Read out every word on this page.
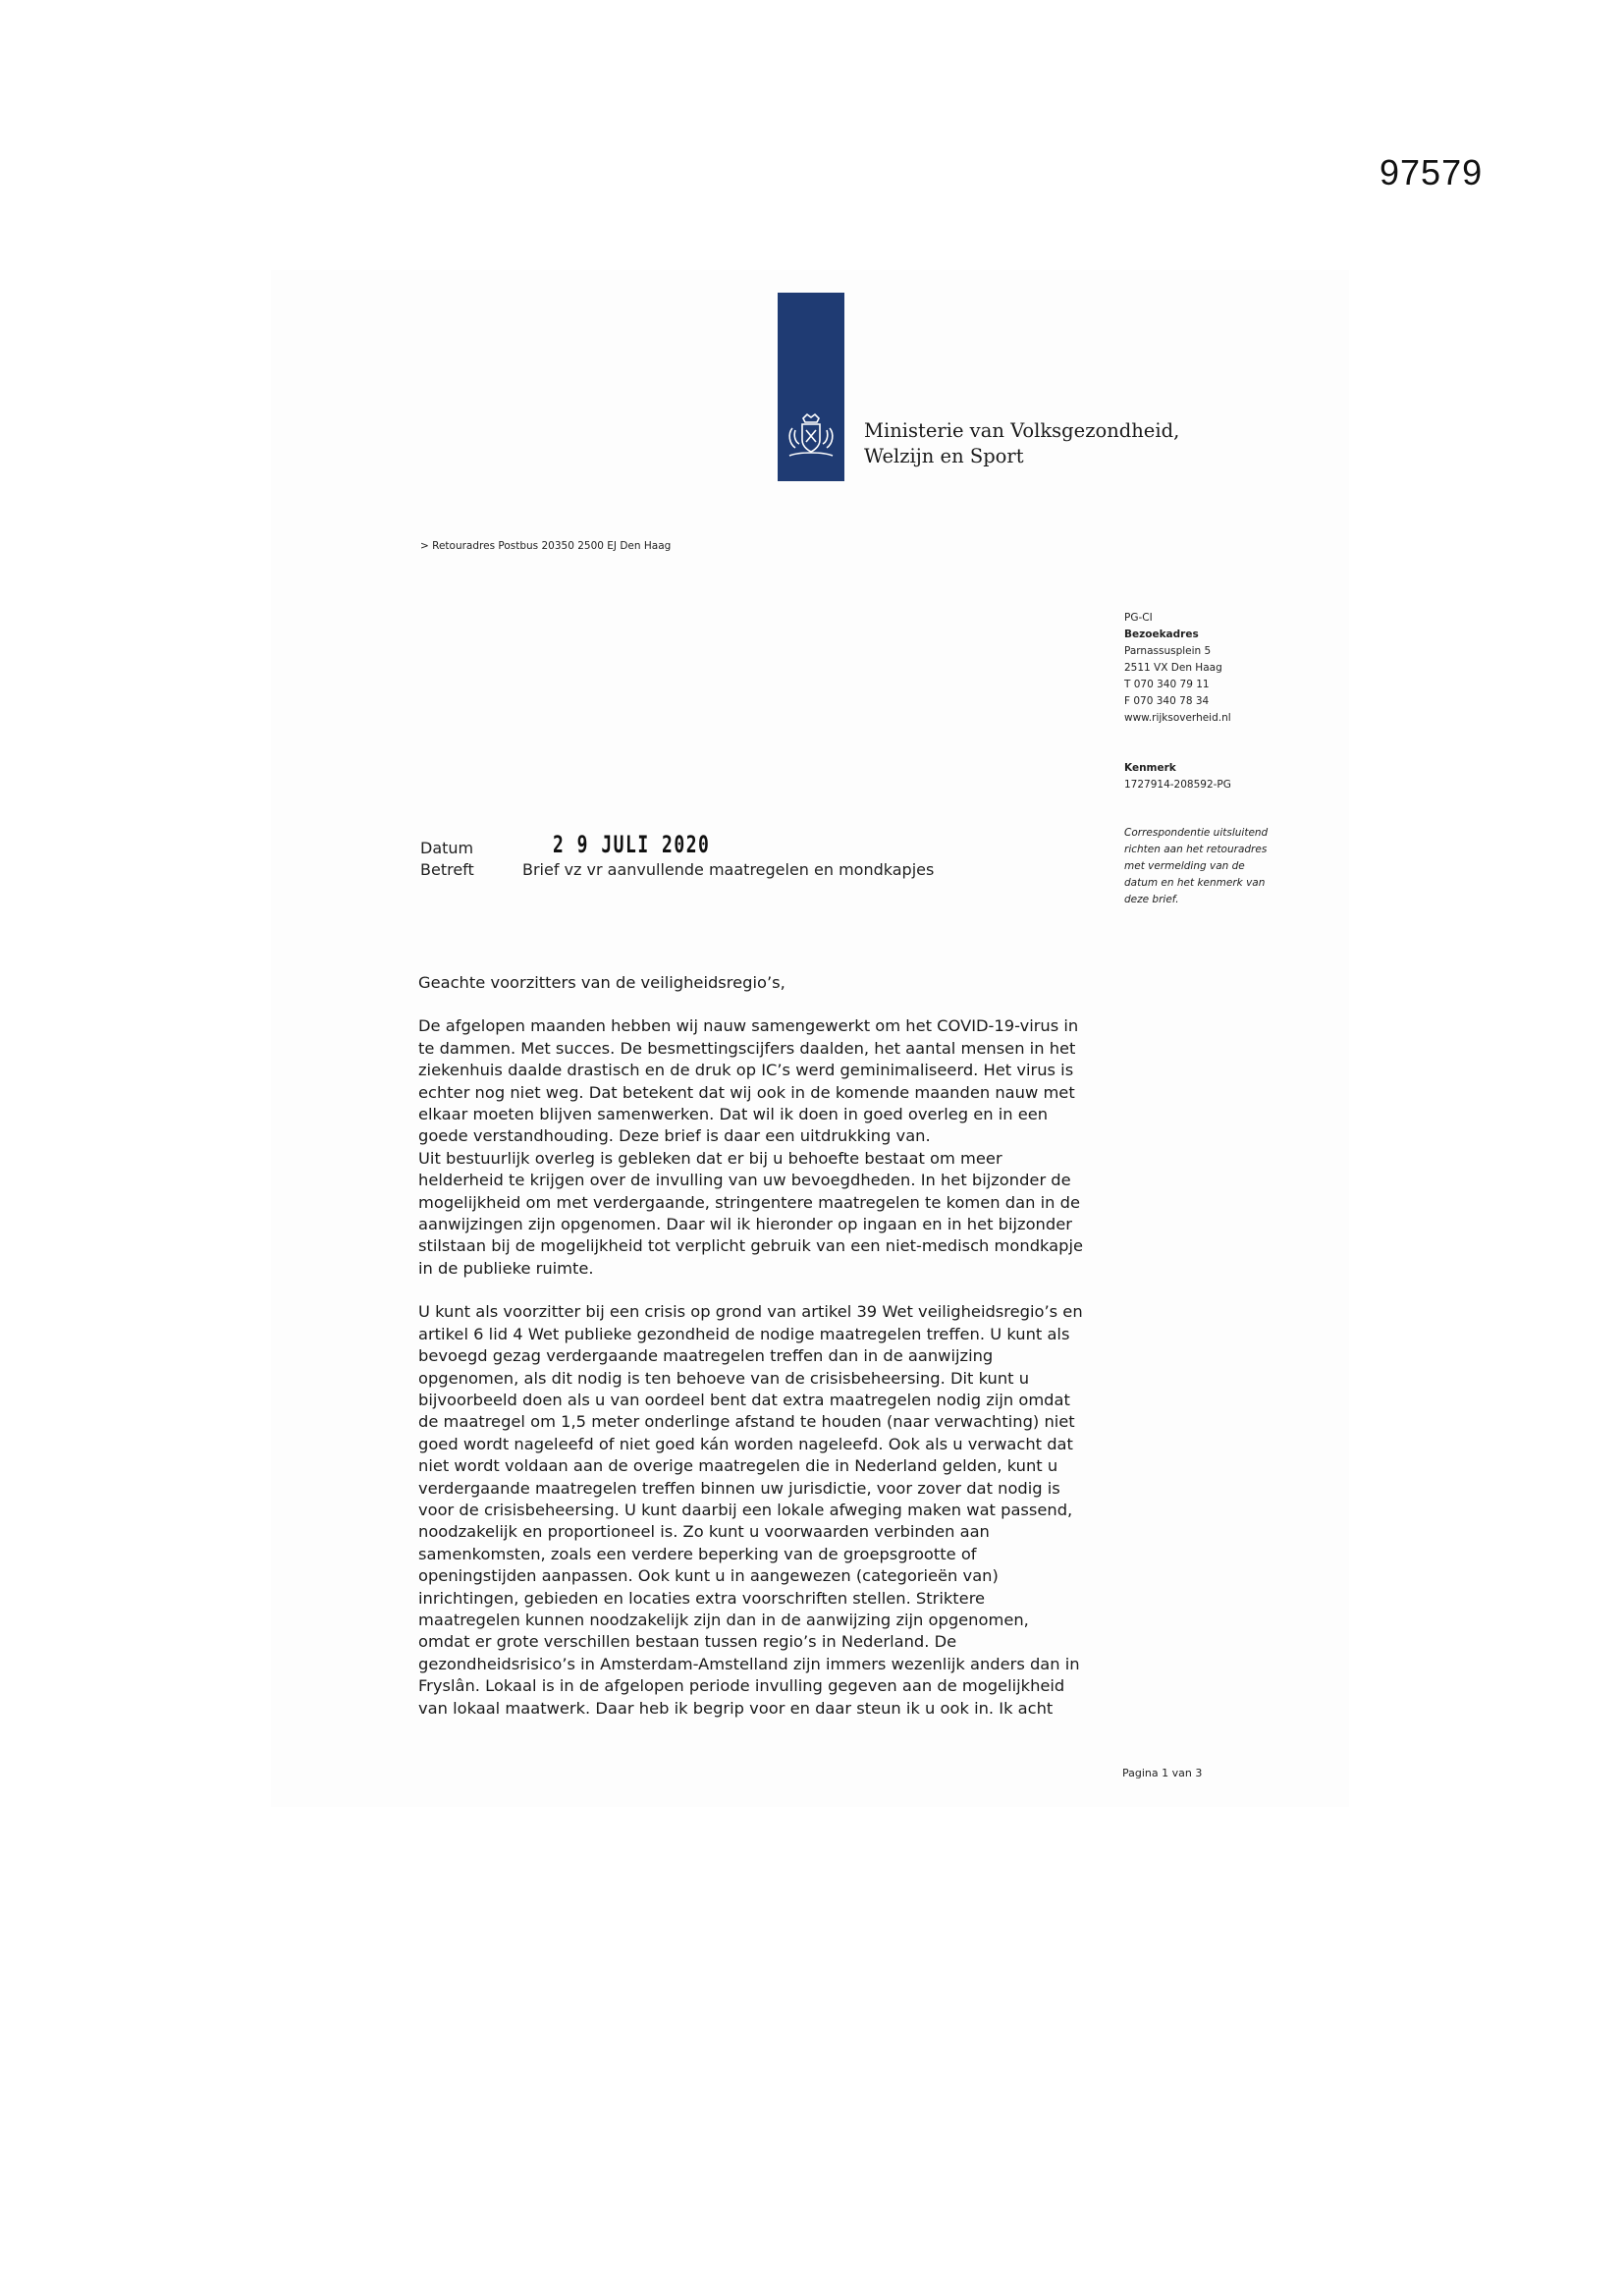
97579
Ministerie van Volksgezondheid,
Welzijn en Sport
> Retouradres Postbus 20350 2500 EJ Den Haag
PG-CI
Bezoekadres
Parnassusplein 5
2511 VX Den Haag
T 070 340 79 11
F 070 340 78 34
www.rijksoverheid.nl
Kenmerk
1727914-208592-PG
Correspondentie uitsluitend
richten aan het retouradres
met vermelding van de
datum en het kenmerk van
deze brief.
Datum	2 9 JULI 2020
Betreft	Brief vz vr aanvullende maatregelen en mondkapjes

Geachte voorzitters van de veiligheidsregio’s,

De afgelopen maanden hebben wij nauw samengewerkt om het COVID-19-virus in

te dammen. Met succes. De besmettingscijfers daalden, het aantal mensen in het

ziekenhuis daalde drastisch en de druk op IC’s werd geminimaliseerd. Het virus is

echter nog niet weg. Dat betekent dat wij ook in de komende maanden nauw met

elkaar moeten blijven samenwerken. Dat wil ik doen in goed overleg en in een

goede verstandhouding. Deze brief is daar een uitdrukking van.

Uit bestuurlijk overleg is gebleken dat er bij u behoefte bestaat om meer

helderheid te krijgen over de invulling van uw bevoegdheden. In het bijzonder de

mogelijkheid om met verdergaande, stringentere maatregelen te komen dan in de

aanwijzingen zijn opgenomen. Daar wil ik hieronder op ingaan en in het bijzonder

stilstaan bij de mogelijkheid tot verplicht gebruik van een niet-medisch mondkapje

in de publieke ruimte.

U kunt als voorzitter bij een crisis op grond van artikel 39 Wet veiligheidsregio’s en

artikel 6 lid 4 Wet publieke gezondheid de nodige maatregelen treffen. U kunt als

bevoegd gezag verdergaande maatregelen treffen dan in de aanwijzing

opgenomen, als dit nodig is ten behoeve van de crisisbeheersing. Dit kunt u

bijvoorbeeld doen als u van oordeel bent dat extra maatregelen nodig zijn omdat

de maatregel om 1,5 meter onderlinge afstand te houden (naar verwachting) niet

goed wordt nageleefd of niet goed kán worden nageleefd. Ook als u verwacht dat

niet wordt voldaan aan de overige maatregelen die in Nederland gelden, kunt u

verdergaande maatregelen treffen binnen uw jurisdictie, voor zover dat nodig is

voor de crisisbeheersing. U kunt daarbij een lokale afweging maken wat passend,

noodzakelijk en proportioneel is. Zo kunt u voorwaarden verbinden aan

samenkomsten, zoals een verdere beperking van de groepsgrootte of

openingstijden aanpassen. Ook kunt u in aangewezen (categorieën van)

inrichtingen, gebieden en locaties extra voorschriften stellen. Striktere

maatregelen kunnen noodzakelijk zijn dan in de aanwijzing zijn opgenomen,

omdat er grote verschillen bestaan tussen regio’s in Nederland. De

gezondheidsrisico’s in Amsterdam-Amstelland zijn immers wezenlijk anders dan in

Fryslân. Lokaal is in de afgelopen periode invulling gegeven aan de mogelijkheid

van lokaal maatwerk. Daar heb ik begrip voor en daar steun ik u ook in. Ik acht

Pagina 1 van 3
